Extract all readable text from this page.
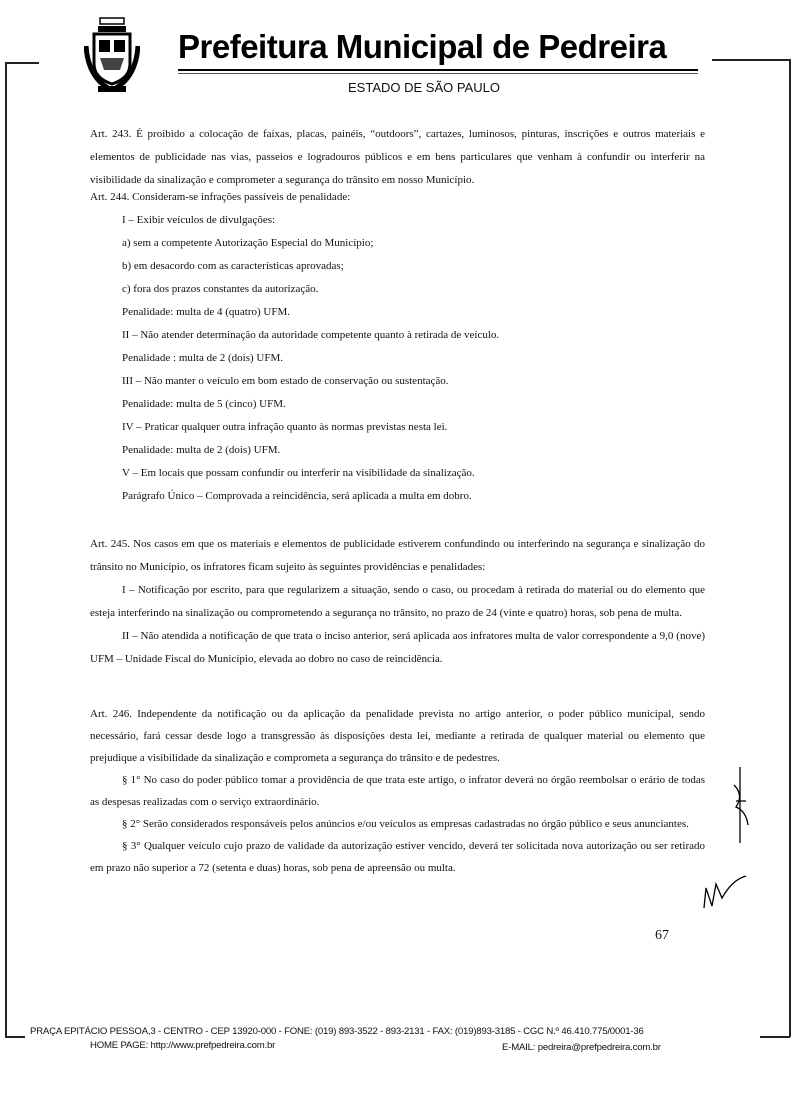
Prefeitura Municipal de Pedreira
ESTADO DE SÃO PAULO

Art. 243. É proibido a colocação de faixas, placas, painéis, “outdoors”, cartazes, luminosos, pinturas, inscrições e outros materiais e elementos de publicidade nas vias, passeios e logradouros públicos e em bens particulares que venham à confundir ou interferir na visibilidade da sinalização e comprometer a segurança do trânsito em nosso Município.

Art. 244. Consideram-se infrações passíveis de penalidade:

I – Exibir veículos de divulgações:

a) sem a competente Autorização Especial do Município;

b) em desacordo com as características aprovadas;

c) fora dos prazos constantes da autorização.

Penalidade: multa de 4 (quatro) UFM.

II – Não atender determinação da autoridade competente quanto à retirada de veículo.

Penalidade : multa de 2 (dois) UFM.

III – Não manter o veículo em bom estado de conservação ou sustentação.

Penalidade: multa de 5 (cinco) UFM.

IV – Praticar qualquer outra infração quanto às normas previstas nesta lei.

Penalidade: multa de 2 (dois) UFM.

V – Em locais que possam confundir ou interferir na visibilidade da sinalização.

Parágrafo Único – Comprovada a reincidência, será aplicada a multa em dobro.

Art. 245. Nos casos em que os materiais e elementos de publicidade estiverem confundindo ou interferindo na segurança e sinalização do trânsito no Município, os infratores ficam sujeito às seguintes providências e penalidades:

I – Notificação por escrito, para que regularizem a situação, sendo o caso, ou procedam à retirada do material ou do elemento que esteja interferindo na sinalização ou comprometendo a segurança no trânsito, no prazo de 24 (vinte e quatro) horas, sob pena de multa.

II – Não atendida a notificação de que trata o inciso anterior, será aplicada aos infratores multa de valor correspondente a 9,0 (nove) UFM – Unidade Fiscal do Município, elevada ao dobro no caso de reincidência.

Art. 246. Independente da notificação ou da aplicação da penalidade prevista no artigo anterior, o poder público municipal, sendo necessário, fará cessar desde logo a transgressão às disposições desta lei, mediante a retirada de qualquer material ou elemento que prejudique a visibilidade da sinalização e comprometa a segurança do trânsito e de pedestres.

§ 1° No caso do poder público tomar a providência de que trata este artigo, o infrator deverá no órgão reembolsar o erário de todas as despesas realizadas com o serviço extraordinário.

§ 2° Serão considerados responsáveis pelos anúncios e/ou veículos as empresas cadastradas no órgão público e seus anunciantes.

§ 3° Qualquer veículo cujo prazo de validade da autorização estiver vencido, deverá ter solicitada nova autorização ou ser retirado em prazo não superior a 72 (setenta e duas) horas, sob pena de apreensão ou multa.

67
PRAÇA EPITÁCIO PESSOA,3 - CENTRO - CEP 13920-000 - FONE: (019) 893-3522 - 893-2131 - FAX: (019)893-3185 - CGC N.º 46.410.775/0001-36
HOME PAGE: http://www.prefpedreira.com.br	E-MAIL: pedreira@prefpedreira.com.br
